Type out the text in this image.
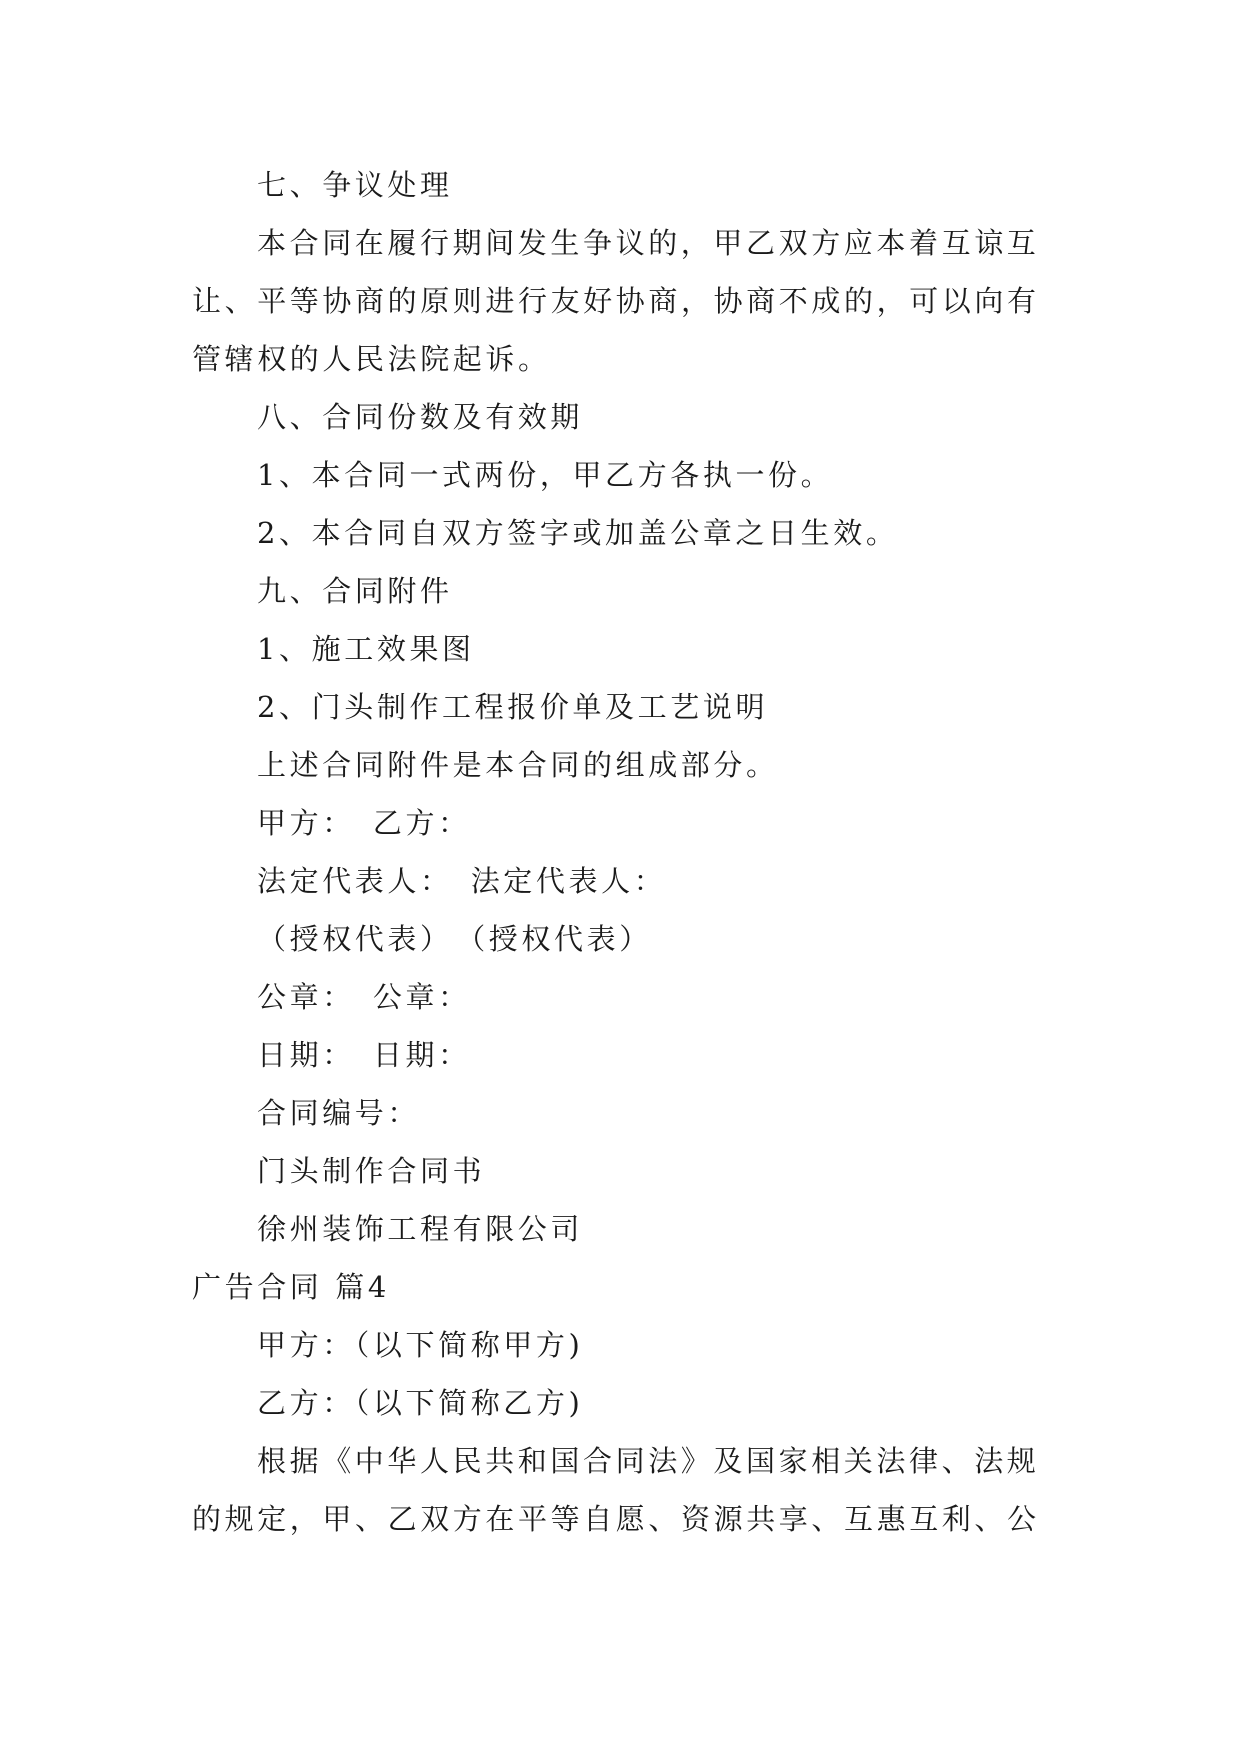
七、争议处理
本合同在履行期间发生争议的，甲乙双方应本着互谅互
让、平等协商的原则进行友好协商，协商不成的，可以向有
管辖权的人民法院起诉。
八、合同份数及有效期
1、本合同一式两份，甲乙方各执一份。
2、本合同自双方签字或加盖公章之日生效。
九、合同附件
1、施工效果图
2、门头制作工程报价单及工艺说明
上述合同附件是本合同的组成部分。
甲方：　乙方：
法定代表人：　法定代表人：
（授权代表）　（授权代表）
公章：　公章：
日期：　日期：
合同编号：
门头制作合同书
徐州装饰工程有限公司
广告合同 篇4
甲方：（以下简称甲方)
乙方：（以下简称乙方)
根据《中华人民共和国合同法》及国家相关法律、法规
的规定，甲、乙双方在平等自愿、资源共享、互惠互利、公
